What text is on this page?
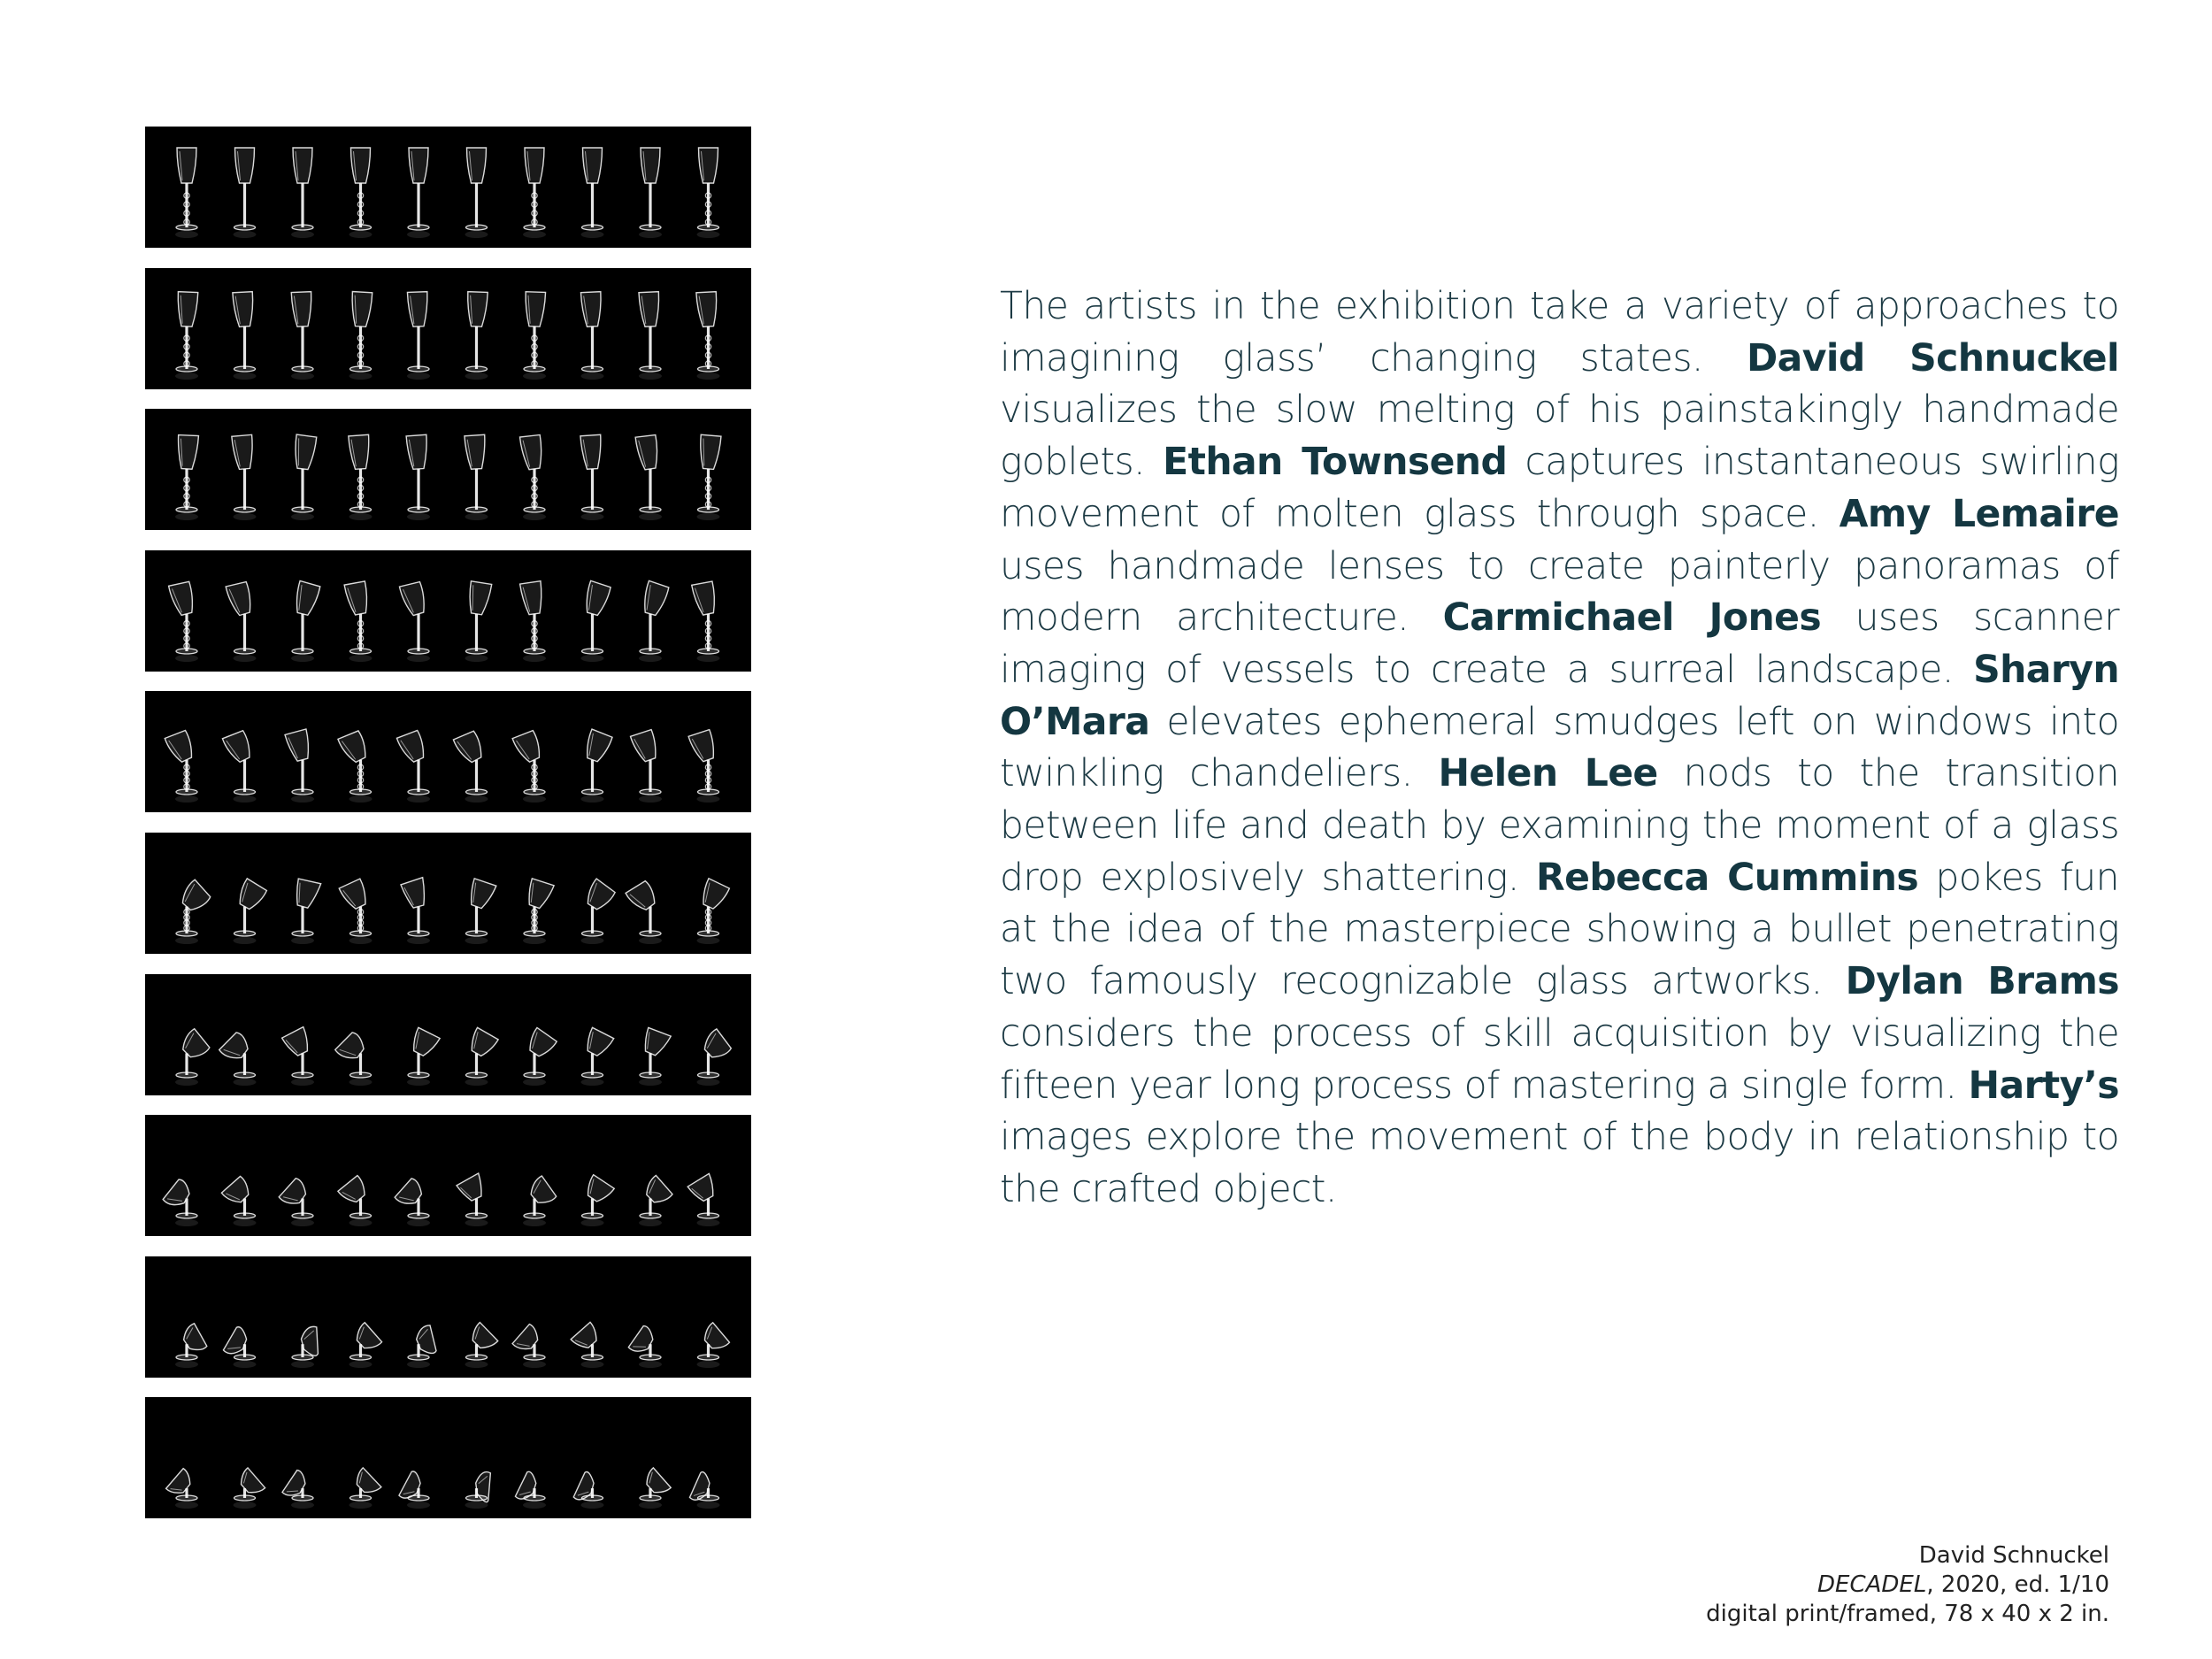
The artists in the exhibition take a variety of approaches to imagining glass’ changing states. David Schnuckel visualizes the slow melting of his painstakingly handmade goblets. Ethan Townsend captures instantaneous swirling movement of molten glass through space. Amy Lemaire uses handmade lenses to create painterly panoramas of modern architecture. Carmichael Jones uses scanner imaging of vessels to create a surreal landscape. Sharyn O’Mara elevates ephemeral smudges left on windows into twinkling chandeliers. Helen Lee nods to the transition between life and death by examining the moment of a glass drop explosively shattering. Rebecca Cummins pokes fun at the idea of the masterpiece showing a bullet penetrating two famously recognizable glass artworks. Dylan Brams considers the process of skill acquisition by visualizing the fifteen year long process of mastering a single form. Harty’s images explore the movement of the body in relationship to the crafted object.

David Schnuckel
DECADEL, 2020, ed. 1/10
digital print/framed, 78 x 40 x 2 in.
